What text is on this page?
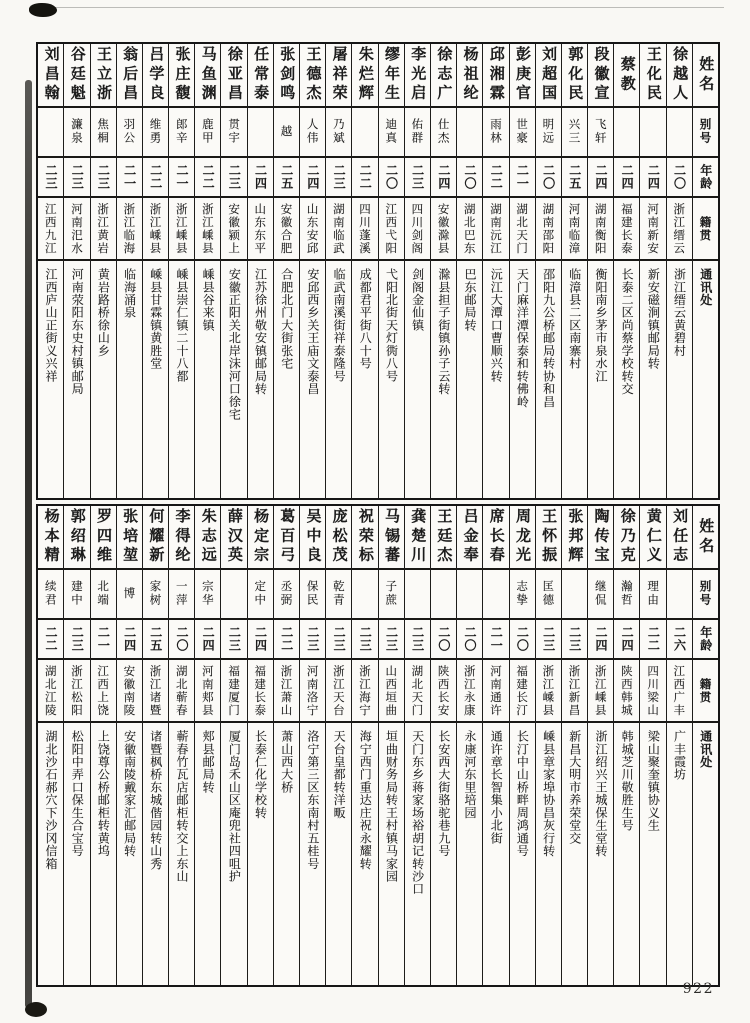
姓名
别号
年龄
籍贯
通讯处
徐越人
二〇
浙江缙云
浙江缙云黄碧村
王化民
二四
河南新安
新安磁涧镇邮局转
蔡教
二四
福建长泰
长泰二区尚蔡学校转交
段徽宣
飞轩
二四
湖南衡阳
衡阳南乡茅市泉水江
郭化民
兴三
二五
河南临漳
临漳县二区南寨村
刘超国
明远
二〇
湖南邵阳
邵阳九公桥邮局转协和昌
彭庚官
世豪
二一
湖北天门
天门麻洋潭保泰和转佛岭
邱湘霖
雨林
二二
湖南沅江
沅江大潭口曹顺兴转
杨祖纶
二〇
湖北巴东
巴东邮局转
徐志广
仕杰
二四
安徽滁县
滁县担子街镇孙子云转
李光启
佑群
二三
四川剑阁
剑阁金仙镇
缪年生
迪真
二〇
江西弋阳
弋阳北街天灯衖八号
朱烂辉
二二
四川蓬溪
成都君平街八十号
屠祥荣
乃斌
二三
湖南临武
临武南溪街祥泰隆号
王德杰
人伟
二四
山东安邱
安邱西乡关王庙文泰昌
张剑鸣
越
二五
安徽合肥
合肥北门大街张宅
任常泰
二四
山东东平
江苏徐州敬安镇邮局转
徐亚昌
贯宇
二三
安徽颍上
安徽正阳关北岸沫河口徐宅
马鱼渊
鹿甲
二二
浙江嵊县
嵊县谷来镇
张庄馥
郎辛
二一
浙江嵊县
嵊县崇仁镇二十八都
吕学良
维勇
二二
浙江嵊县
嵊县甘霖镇黄胜堂
翁后昌
羽公
二一
浙江临海
临海涌泉
王立浙
焦桐
二三
浙江黄岩
黄岩路桥徐山乡
谷廷魁
濂泉
二三
河南汜水
河南荥阳东史村镇邮局
刘昌翰
二三
江西九江
江西庐山正街义兴祥
姓名
别号
年龄
籍贯
通讯处
刘任志
二六
江西广丰
广丰霞坊
黄仁义
理由
二二
四川梁山
梁山聚奎镇协义生
徐乃克
瀚哲
二四
陕西韩城
韩城芝川敬胜生号
陶传宝
继侃
二四
浙江嵊县
浙江绍兴王城保生堂转
张邦辉
二三
浙江新昌
新昌大明市养荣堂交
王怀振
匡德
二三
浙江嵊县
嵊县章家埠协昌灰行转
周龙光
志挚
二〇
福建长汀
长汀中山桥畔周鸿通号
席长春
二一
河南通许
通许章长智集小北街
吕金奉
二〇
浙江永康
永康河东里培园
王廷杰
二〇
陕西长安
长安西大街骆驼巷九号
龚楚川
二三
湖北天门
天门东乡蒋家场裕胡记转沙口
马锡蕃
子蔗
二三
山西垣曲
垣曲财务局转王村镇马家园
祝荣标
二三
浙江海宁
海宁西门重达庄祝永耀转
庞松茂
乾青
二三
浙江天台
天台皇都转洋畈
吴中良
保民
二三
河南洛宁
洛宁第三区东南村五桂号
葛百弓
丞弼
二二
浙江萧山
萧山西大桥
杨定宗
定中
二四
福建长泰
长泰仁化学校转
薛汉英
二三
福建厦门
厦门岛禾山区庵兜社四咀护
朱志远
宗华
二四
河南郏县
郏县邮局转
李得纶
一萍
二〇
湖北蕲春
蕲春竹瓦店邮柜转交上东山
何耀新
家树
二五
浙江诸暨
诸暨枫桥东城偕园转山秀
张培堃
博
二四
安徽南陵
安徽南陵戴家汇邮局转
罗四维
北端
二一
江西上饶
上饶尊公桥邮柜转黄坞
郭绍琳
建中
二三
浙江松阳
松阳中弄口保生合宝号
杨本精
续君
二二
湖北江陵
湖北沙石郝穴下沙冈信箱
922
